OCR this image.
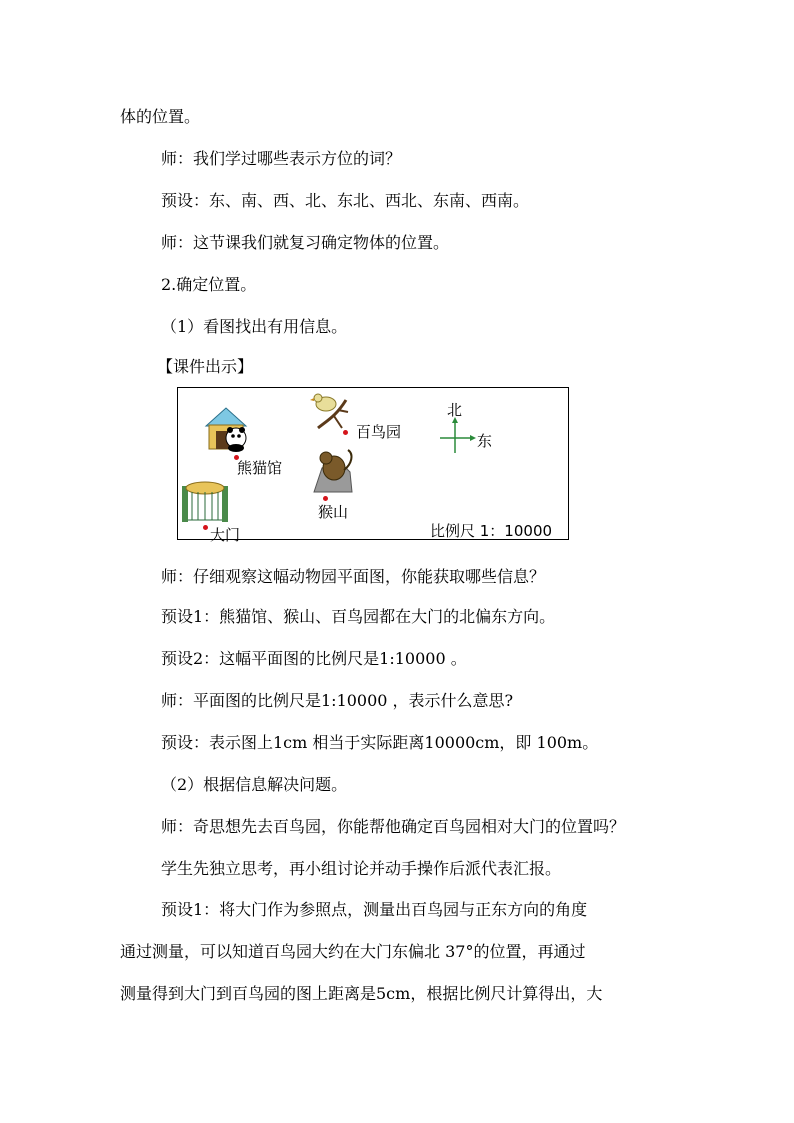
体的位置。
师：我们学过哪些表示方位的词？
预设：东、南、西、北、东北、西北、东南、西南。
师：这节课我们就复习确定物体的位置。
2.确定位置。
（1）看图找出有用信息。
【课件出示】
熊猫馆
百鸟园
猴山
大门
北
东
比例尺 1：10000
师：仔细观察这幅动物园平面图，你能获取哪些信息？
预设1：熊猫馆、猴山、百鸟园都在大门的北偏东方向。
预设2：这幅平面图的比例尺是1:10000 。
师：平面图的比例尺是1:10000 ，表示什么意思?
预设：表示图上1cm 相当于实际距离10000cm，即 100m。
（2）根据信息解决问题。
师：奇思想先去百鸟园，你能帮他确定百鸟园相对大门的位置吗？
学生先独立思考，再小组讨论并动手操作后派代表汇报。
预设1：将大门作为参照点，测量出百鸟园与正东方向的角度
通过测量，可以知道百鸟园大约在大门东偏北 37°的位置，再通过
测量得到大门到百鸟园的图上距离是5cm，根据比例尺计算得出，大
